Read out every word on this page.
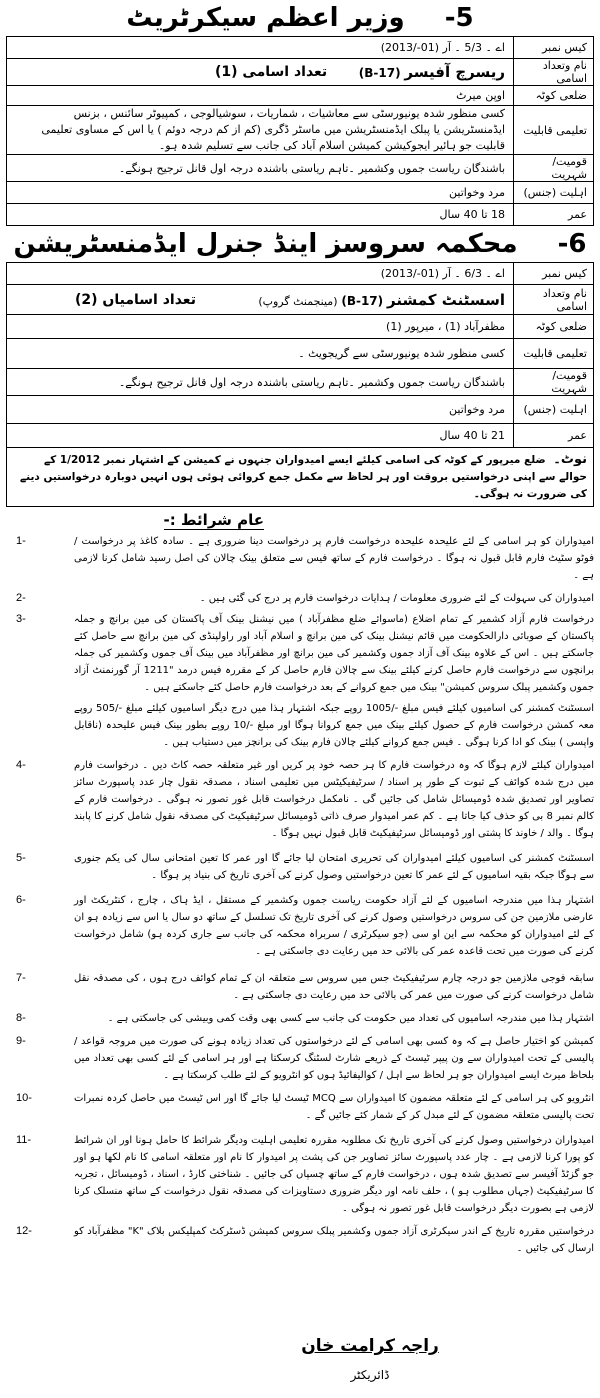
5-
وزیر اعظم سیکرٹریٹ
کیس نمبر	اے ۔ 5/3 ۔ آر (01-/2013)
نام وتعداد اسامی	ریسرچ آفیسر (B-17)
تعداد اسامی (1)

ضلعی کوٹہ	اوپن میرٹ
تعلیمی قابلیت	کسی منظور شدہ یونیورسٹی سے معاشیات ، شماریات ، سوشیالوجی ، کمپیوٹر سائنس ، بزنس ایڈمنسٹریشن یا پبلک ایڈمنسٹریشن میں ماسٹر ڈگری (کم از کم درجہ دوئم ) یا اس کے مساوی تعلیمی قابلیت جو ہائیر ایجوکیشن کمیشن اسلام آباد کی جانب سے تسلیم شدہ ہو۔
قومیت/ شہریت	باشندگان ریاست جموں وکشمیر ۔تاہم ریاستی باشندہ درجہ اول قانل ترجیح ہونگے۔
اہلیت (جنس)	مرد وخواتین
عمر	18 تا 40 سال
6-
محکمہ سروسز اینڈ جنرل ایڈمنسٹریشن
کیس نمبر	اے ۔ 6/3 ۔ آر (01-/2013)
نام وتعداد اسامی	اسسٹنٹ کمشنر (B-17) (مینجمنٹ گروپ)
تعداد اسامیاں (2)

ضلعی کوٹہ	مظفرآباد (1) ، میرپور (1)
تعلیمی قابلیت	کسی منظور شدہ یونیورسٹی سے گریجویٹ ۔
قومیت/ شہریت	باشندگان ریاست جموں وکشمیر ۔تاہم ریاستی باشندہ درجہ اول قانل ترجیح ہونگے۔
اہلیت (جنس)	مرد وخواتین
عمر	21 تا 40 سال
نوٹ۔ ضلع میرپور کے کوٹہ کی اسامی کیلئے ایسے امیدواران جنہوں نے کمیشن کے اشتہار نمبر 1/2012 کے حوالے سے اپنی درخواستیں بروقت اور ہر لحاظ سے مکمل جمع کروائی ہوئی ہوں انہیں دوبارہ درخواستیں دینے کی ضرورت نہ ہوگی۔
عام شرائط :-
امیدواران کو ہر اسامی کے لئے علیحدہ علیحدہ درخواست فارم پر درخواست دینا ضروری ہے ۔ سادہ کاغذ پر درخواست / فوٹو سٹیٹ فارم قابل قبول نہ ہوگا ۔ درخواست فارم کے ساتھ فیس سے متعلق بینک چالان کی اصل رسید شامل کرنا لازمی ہے ۔
1-
امیدواران کی سہولت کے لئے ضروری معلومات / ہدایات درخواست فارم پر درج کی گئی ہیں ۔
2-
درخواست فارم آزاد کشمیر کے تمام اضلاع (ماسوائے ضلع مظفرآباد ) میں نیشنل بینک آف پاکستان کی مین برانچ و جملہ پاکستان کے صوبائی دارالحکومت میں قائم نیشنل بینک کی مین برانچ و اسلام آباد اور راولپنڈی کی مین برانچ سے حاصل کئے جاسکتے ہیں ۔ اس کے علاوہ بینک آف آزاد جموں وکشمیر کی مین برانچ اور مظفرآباد میں بینک آف جموں وکشمیر کی جملہ برانچوں سے درخواست فارم حاصل کرنے کیلئے بینک سے چالان فارم حاصل کر کے مقررہ فیس درمد "1211 آر گورنمنٹ آزاد جموں وکشمیر پبلک سروس کمیشن" بینک میں جمع کروانے کے بعد درخواست فارم حاصل کئے جاسکتے ہیں ۔
3-
اسسٹنٹ کمشنر کی اسامیوں کیلئے فیس مبلغ -/1005 روپے جبکہ اشتہار ہذا میں درج دیگر اسامیوں کیلئے مبلغ -/505 روپے معہ کمشن درخواست فارم کے حصول کیلئے بینک میں جمع کروانا ہوگا اور مبلغ -/10 روپے بطور بینک فیس علیحدہ (ناقابل واپسی ) بینک کو ادا کرنا ہوگی ۔ فیس جمع کروانے کیلئے چالان فارم بینک کی برانچز میں دستیاب ہیں ۔
امیدواران کیلئے لازم ہوگا کہ وہ درخواست فارم کا ہر حصہ خود پر کریں اور غیر متعلقہ حصہ کاٹ دیں ۔ درخواست فارم میں درج شدہ کوائف کے ثبوت کے طور پر اسناد / سرٹیفیکیٹس میں تعلیمی اسناد ، مصدقہ نقول چار عدد پاسپورٹ سائز تصاویر اور تصدیق شدہ ڈومیسائل شامل کی جائیں گی ۔ نامکمل درخواست قابل غور تصور نہ ہوگی ۔ درخواست فارم کے کالم نمبر 8 بی کو حذف کیا جاتا ہے ۔ کم عمر امیدوار صرف ذاتی ڈومیسائل سرٹیفیکیٹ کی مصدقہ نقول شامل کرنے کا پابند ہوگا ۔ والد / خاوند کا پشتی اور ڈومیسائل سرٹیفیکیٹ قابل قبول نہیں ہوگا ۔
4-
اسسٹنٹ کمشنر کی اسامیوں کیلئے امیدواران کی تحریری امتحان لیا جائے گا اور عمر کا تعین امتحانی سال کی یکم جنوری سے ہوگا جبکہ بقیہ اسامیوں کے لئے عمر کا تعین درخواستیں وصول کرنے کی آخری تاریخ کی بنیاد پر ہوگا ۔
5-
اشتہار ہذا میں مندرجہ اسامیوں کے لئے آزاد حکومت ریاست جموں وکشمیر کے مستقل ، ایڈ ہاک ، چارج ، کنٹریکٹ اور عارضی ملازمین جن کی سروس درخواستیں وصول کرنے کی آخری تاریخ تک تسلسل کے ساتھ دو سال یا اس سے زیادہ ہو ان کے لئے امیدواران کو محکمہ سے این او سی (جو سیکرٹری / سربراہ محکمہ کی جانب سے جاری کردہ ہو) شامل درخواست کرنے کی صورت میں تحت قاعدہ عمر کی بالائی حد میں رعایت دی جاسکتی ہے ۔
6-
سابقہ فوجی ملازمین جو درجہ چارم سرٹیفیکیٹ جس میں سروس سے متعلقہ ان کے تمام کوائف درج ہوں ، کی مصدقہ نقل شامل درخواست کرنے کی صورت میں عمر کی بالائی حد میں رعایت دی جاسکتی ہے ۔
7-
اشتہار ہذا میں مندرجہ اسامیوں کی تعداد میں حکومت کی جانب سے کسی بھی وقت کمی وبیشی کی جاسکتی ہے ۔
8-
کمیشن کو اختیار حاصل ہے کہ وہ کسی بھی اسامی کے لئے درخواستوں کی تعداد زیادہ ہونے کی صورت میں مروجہ قواعد / پالیسی کے تحت امیدواران سے ون پیپر ٹیسٹ کے ذریعے شارٹ لسٹنگ کرسکتا ہے اور ہر اسامی کے لئے کسی بھی تعداد میں بلحاظ میرٹ ایسے امیدواران جو ہر لحاظ سے اہل / کوالیفائیڈ ہوں کو انٹرویو کے لئے طلب کرسکتا ہے ۔
9-
انٹرویو کی ہر اسامی کے لئے متعلقہ مضمون کا امیدواران سے MCQ ٹیسٹ لیا جائے گا اور اس ٹیسٹ میں حاصل کردہ نمبرات تحت پالیسی متعلقہ مضمون کے لئے مبدل کر کے شمار کئے جائیں گے ۔
10-
امیدواران درخواستیں وصول کرنے کی آخری تاریخ تک مطلوبہ مقررہ تعلیمی اہلیت ودیگر شرائط کا حامل ہونا اور ان شرائط کو پورا کرنا لازمی ہے ۔ چار عدد پاسپورٹ سائز تصاویر جن کی پشت پر امیدوار کا نام اور متعلقہ اسامی کا نام لکھا ہو اور جو گزٹڈ آفیسر سے تصدیق شدہ ہوں ، درخواست فارم کے ساتھ چسپاں کی جائیں ۔ شناختی کارڈ ، اسناد ، ڈومیسائل ، تجربہ کا سرٹیفیکیٹ (جہاں مطلوب ہو ) ، حلف نامہ اور دیگر ضروری دستاویزات کی مصدقہ نقول درخواست کے ساتھ منسلک کرنا لازمی ہے بصورت دیگر درخواست قابل غور تصور نہ ہوگی ۔
11-
درخواستیں مقررہ تاریخ کے اندر سیکرٹری آزاد جموں وکشمیر پبلک سروس کمیشن ڈسٹرکٹ کمپلیکس بلاک "K" مظفرآباد کو ارسال کی جائیں ۔
12-
راجہ کرامت خان
ڈائریکٹر
